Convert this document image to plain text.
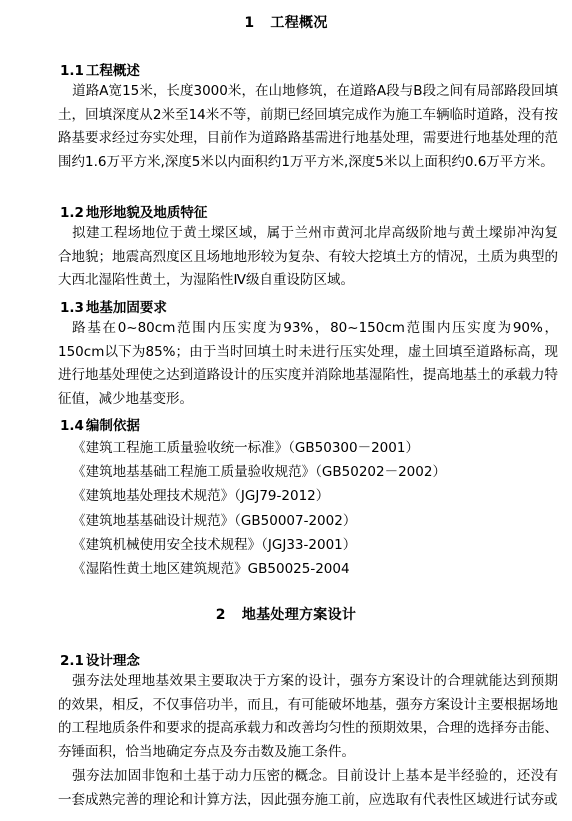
1 工程概况
1.1 工程概述
道路A宽15米，长度3000米，在山地修筑，在道路A段与B段之间有局部路段回填土，回填深度从2米至14米不等，前期已经回填完成作为施工车辆临时道路，没有按路基要求经过夯实处理，目前作为道路路基需进行地基处理，需要进行地基处理的范围约1.6万平方米,深度5米以内面积约1万平方米,深度5米以上面积约0.6万平方米。
1.2 地形地貌及地质特征
拟建工程场地位于黄土墚区域，属于兰州市黄河北岸高级阶地与黄土墚峁冲沟复合地貌；地震高烈度区且场地地形较为复杂、有较大挖填土方的情况，土质为典型的大西北湿陷性黄土，为湿陷性Ⅳ级自重设防区域。
1.3 地基加固要求
路基在0~80cm范围内压实度为93%，80~150cm范围内压实度为90%，150cm以下为85%；由于当时回填土时未进行压实处理，虚土回填至道路标高，现进行地基处理使之达到道路设计的压实度并消除地基湿陷性，提高地基土的承载力特征值，减少地基变形。
1.4 编制依据
《建筑工程施工质量验收统一标准》（GB50300－2001）
《建筑地基基础工程施工质量验收规范》（GB50202－2002）
《建筑地基处理技术规范》（JGJ79-2012）
《建筑地基基础设计规范》（GB50007-2002）
《建筑机械使用安全技术规程》（JGJ33-2001）
《湿陷性黄土地区建筑规范》GB50025-2004
2 地基处理方案设计
2.1 设计理念
强夯法处理地基效果主要取决于方案的设计，强夯方案设计的合理就能达到预期的效果，相反，不仅事倍功半，而且，有可能破坏地基，强夯方案设计主要根据场地的工程地质条件和要求的提高承载力和改善均匀性的预期效果，合理的选择夯击能、夯锤面积，恰当地确定夯点及夯击数及施工条件。
强夯法加固非饱和土基于动力压密的概念。目前设计上基本是半经验的，还没有一套成熟完善的理论和计算方法，因此强夯施工前，应选取有代表性区域进行试夯或
